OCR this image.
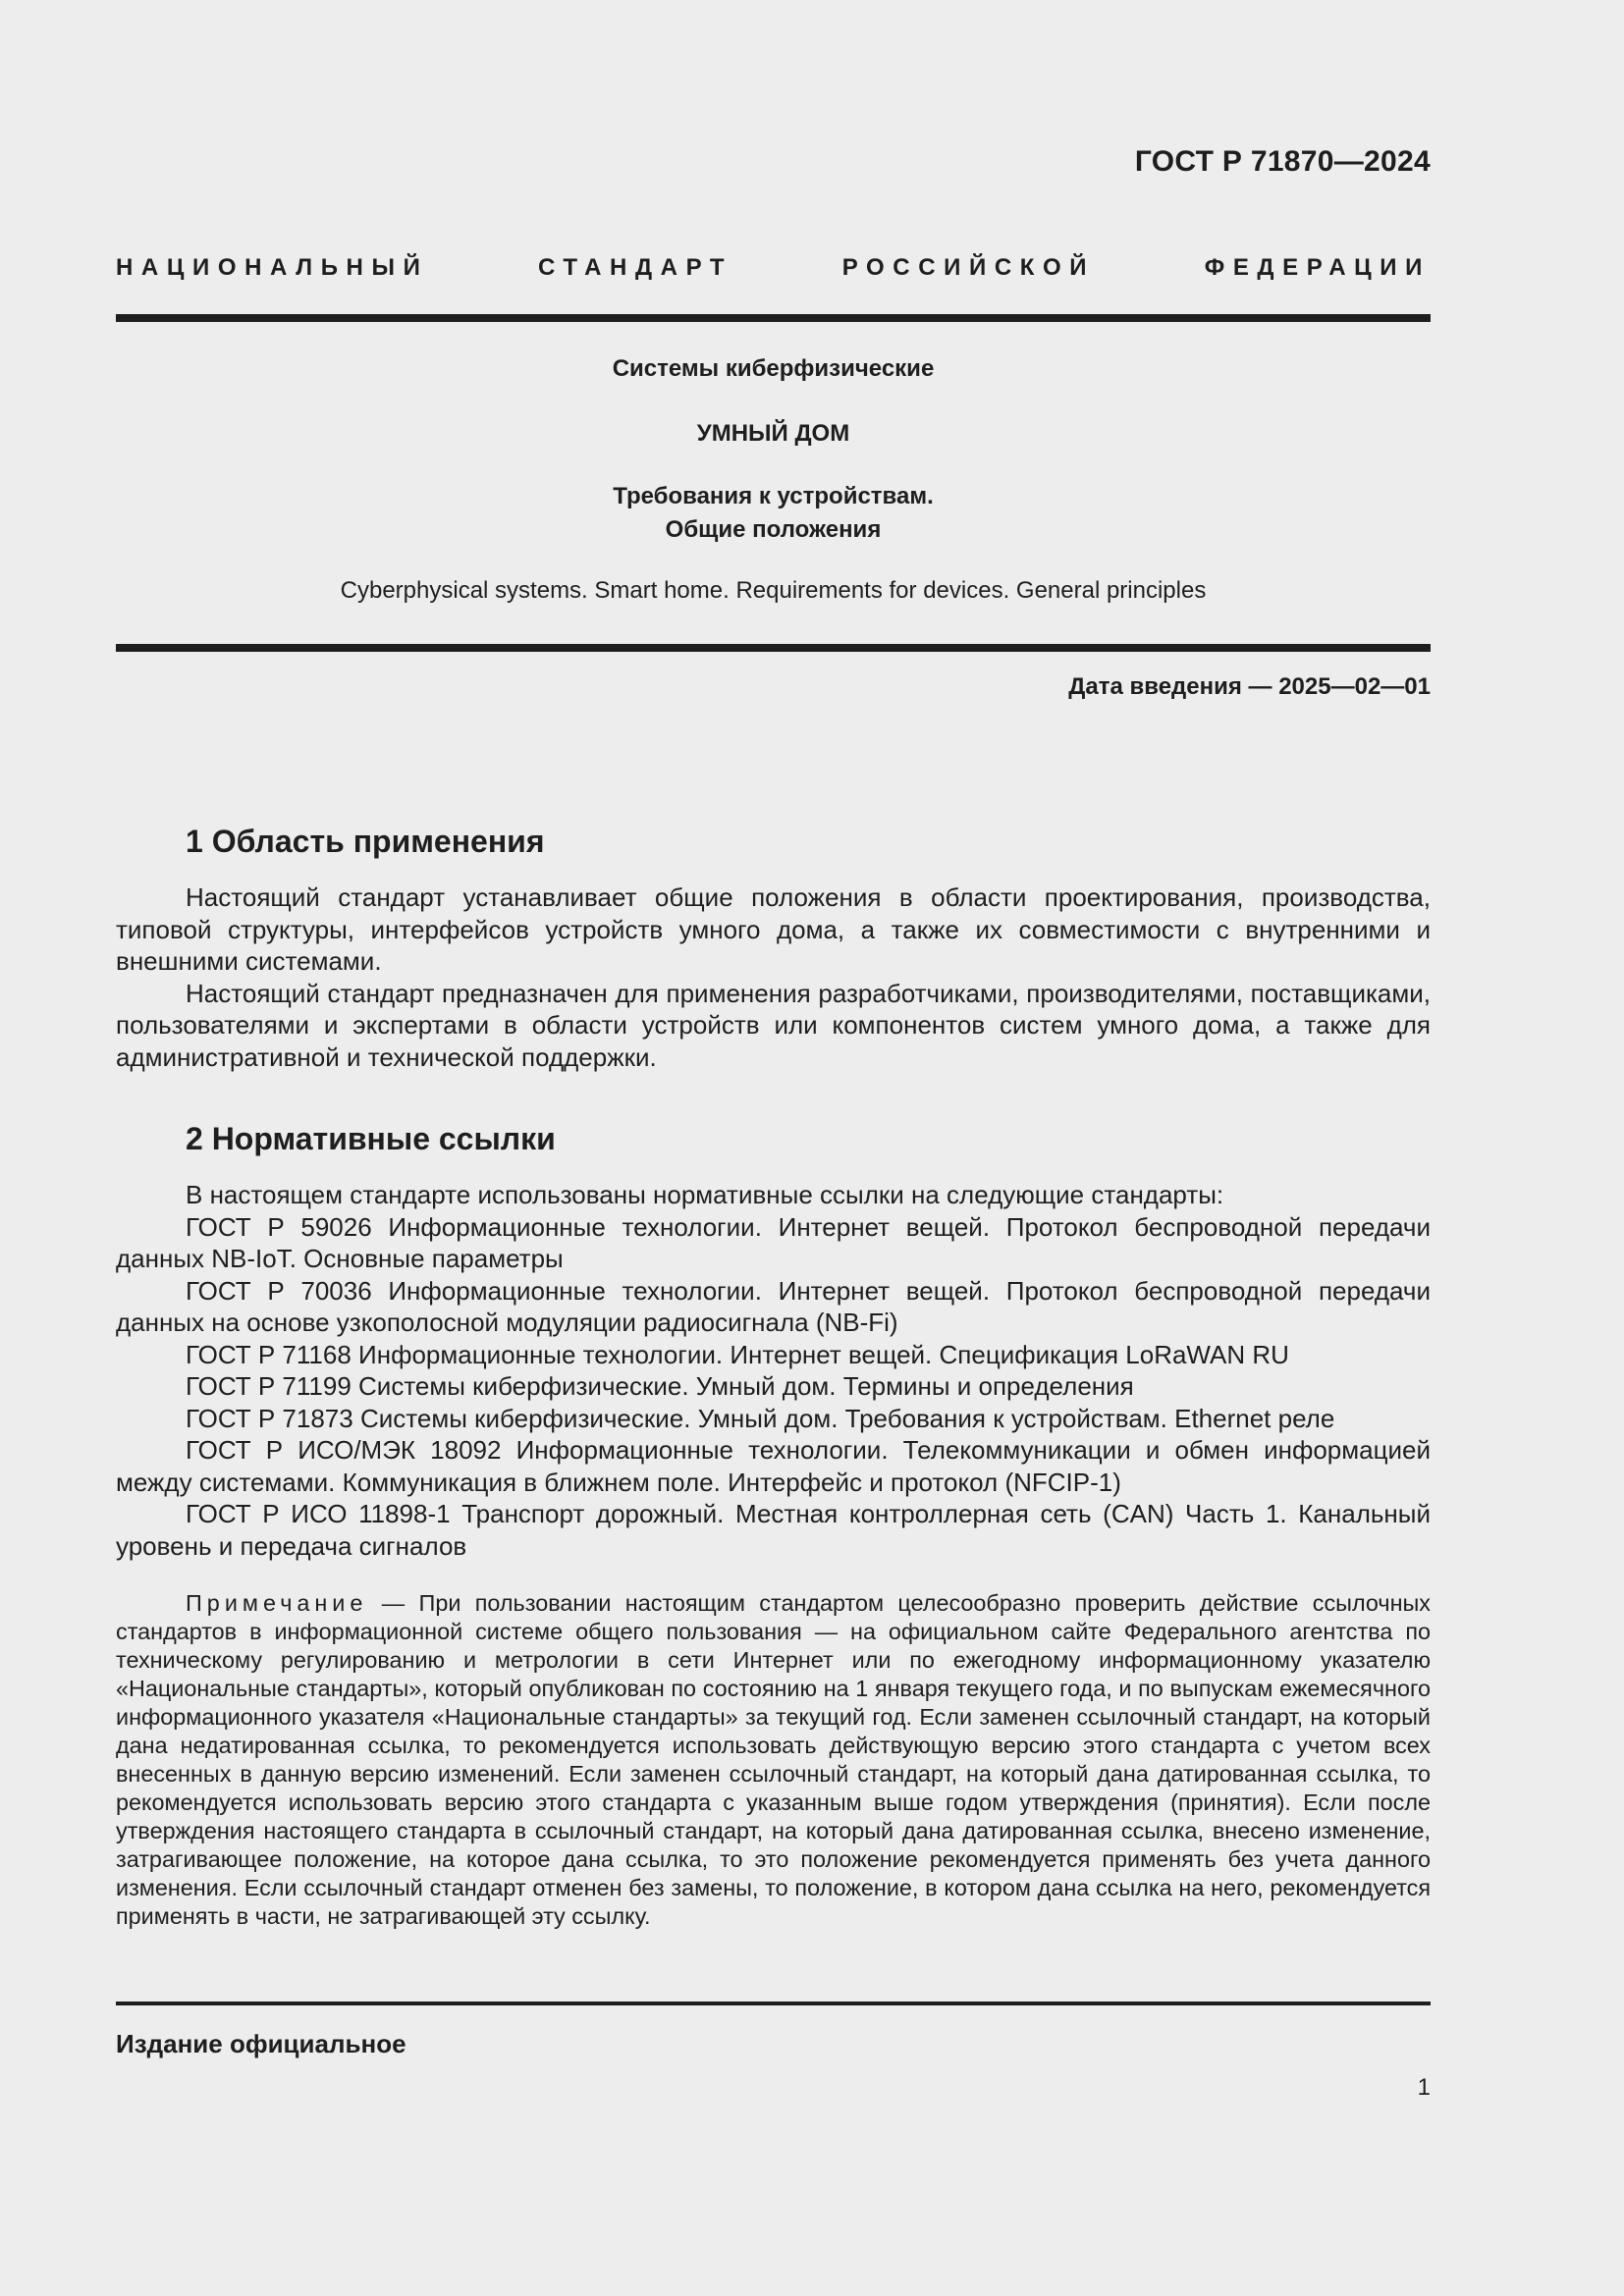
ГОСТ Р 71870—2024
НАЦИОНАЛЬНЫЙ СТАНДАРТ РОССИЙСКОЙ ФЕДЕРАЦИИ
Системы киберфизические
УМНЫЙ ДОМ
Требования к устройствам.
Общие положения
Cyberphysical systems. Smart home. Requirements for devices. General principles
Дата введения — 2025—02—01
1 Область применения

Настоящий стандарт устанавливает общие положения в области проектирования, производства, типовой структуры, интерфейсов устройств умного дома, а также их совместимости с внутренними и внешними системами.

Настоящий стандарт предназначен для применения разработчиками, производителями, поставщиками, пользователями и экспертами в области устройств или компонентов систем умного дома, а также для административной и технической поддержки.

2 Нормативные ссылки

В настоящем стандарте использованы нормативные ссылки на следующие стандарты:

ГОСТ Р 59026 Информационные технологии. Интернет вещей. Протокол беспроводной передачи данных NB-IoT. Основные параметры

ГОСТ Р 70036 Информационные технологии. Интернет вещей. Протокол беспроводной передачи данных на основе узкополосной модуляции радиосигнала (NB-Fi)

ГОСТ Р 71168 Информационные технологии. Интернет вещей. Спецификация LoRaWAN RU

ГОСТ Р 71199 Системы киберфизические. Умный дом. Термины и определения

ГОСТ Р 71873 Системы киберфизические. Умный дом. Требования к устройствам. Ethernet реле

ГОСТ Р ИСО/МЭК 18092 Информационные технологии. Телекоммуникации и обмен информацией между системами. Коммуникация в ближнем поле. Интерфейс и протокол (NFCIP-1)

ГОСТ Р ИСО 11898-1 Транспорт дорожный. Местная контроллерная сеть (CAN) Часть 1. Канальный уровень и передача сигналов

Примечание — При пользовании настоящим стандартом целесообразно проверить действие ссылочных стандартов в информационной системе общего пользования — на официальном сайте Федерального агентства по техническому регулированию и метрологии в сети Интернет или по ежегодному информационному указателю «Национальные стандарты», который опубликован по состоянию на 1 января текущего года, и по выпускам ежемесячного информационного указателя «Национальные стандарты» за текущий год. Если заменен ссылочный стандарт, на который дана недатированная ссылка, то рекомендуется использовать действующую версию этого стандарта с учетом всех внесенных в данную версию изменений. Если заменен ссылочный стандарт, на который дана датированная ссылка, то рекомендуется использовать версию этого стандарта с указанным выше годом утверждения (принятия). Если после утверждения настоящего стандарта в ссылочный стандарт, на который дана датированная ссылка, внесено изменение, затрагивающее положение, на которое дана ссылка, то это положение рекомендуется применять без учета данного изменения. Если ссылочный стандарт отменен без замены, то положение, в котором дана ссылка на него, рекомендуется применять в части, не затрагивающей эту ссылку.

Издание официальное
1
